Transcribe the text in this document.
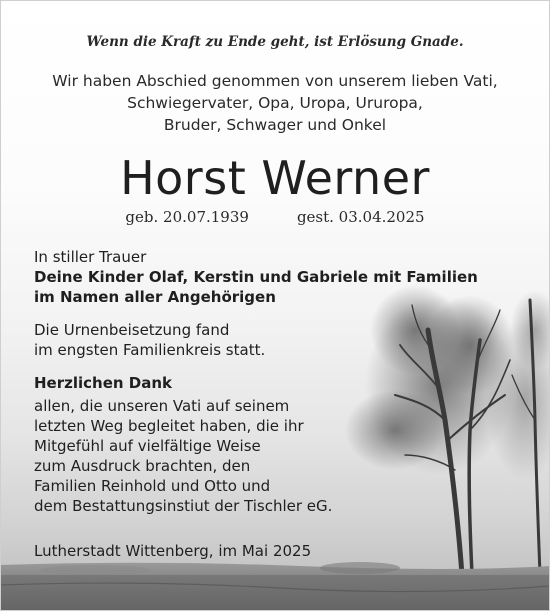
Wenn die Kraft zu Ende geht, ist Erlösung Gnade.
Wir haben Abschied genommen von unserem lieben Vati,
Schwiegervater, Opa, Uropa, Ururopa,
Bruder, Schwager und Onkel
Horst Werner
geb. 20.07.1939	gest. 03.04.2025
In stiller Trauer
Deine Kinder Olaf, Kerstin und Gabriele mit Familien
im Namen aller Angehörigen
Die Urnenbeisetzung fand
im engsten Familienkreis statt.
Herzlichen Dank
allen, die unseren Vati auf seinem
letzten Weg begleitet haben, die ihr
Mitgefühl auf vielfältige Weise
zum Ausdruck brachten, den
Familien Reinhold und Otto und
dem Bestattungsinstiut der Tischler eG.
Lutherstadt Wittenberg, im Mai 2025
